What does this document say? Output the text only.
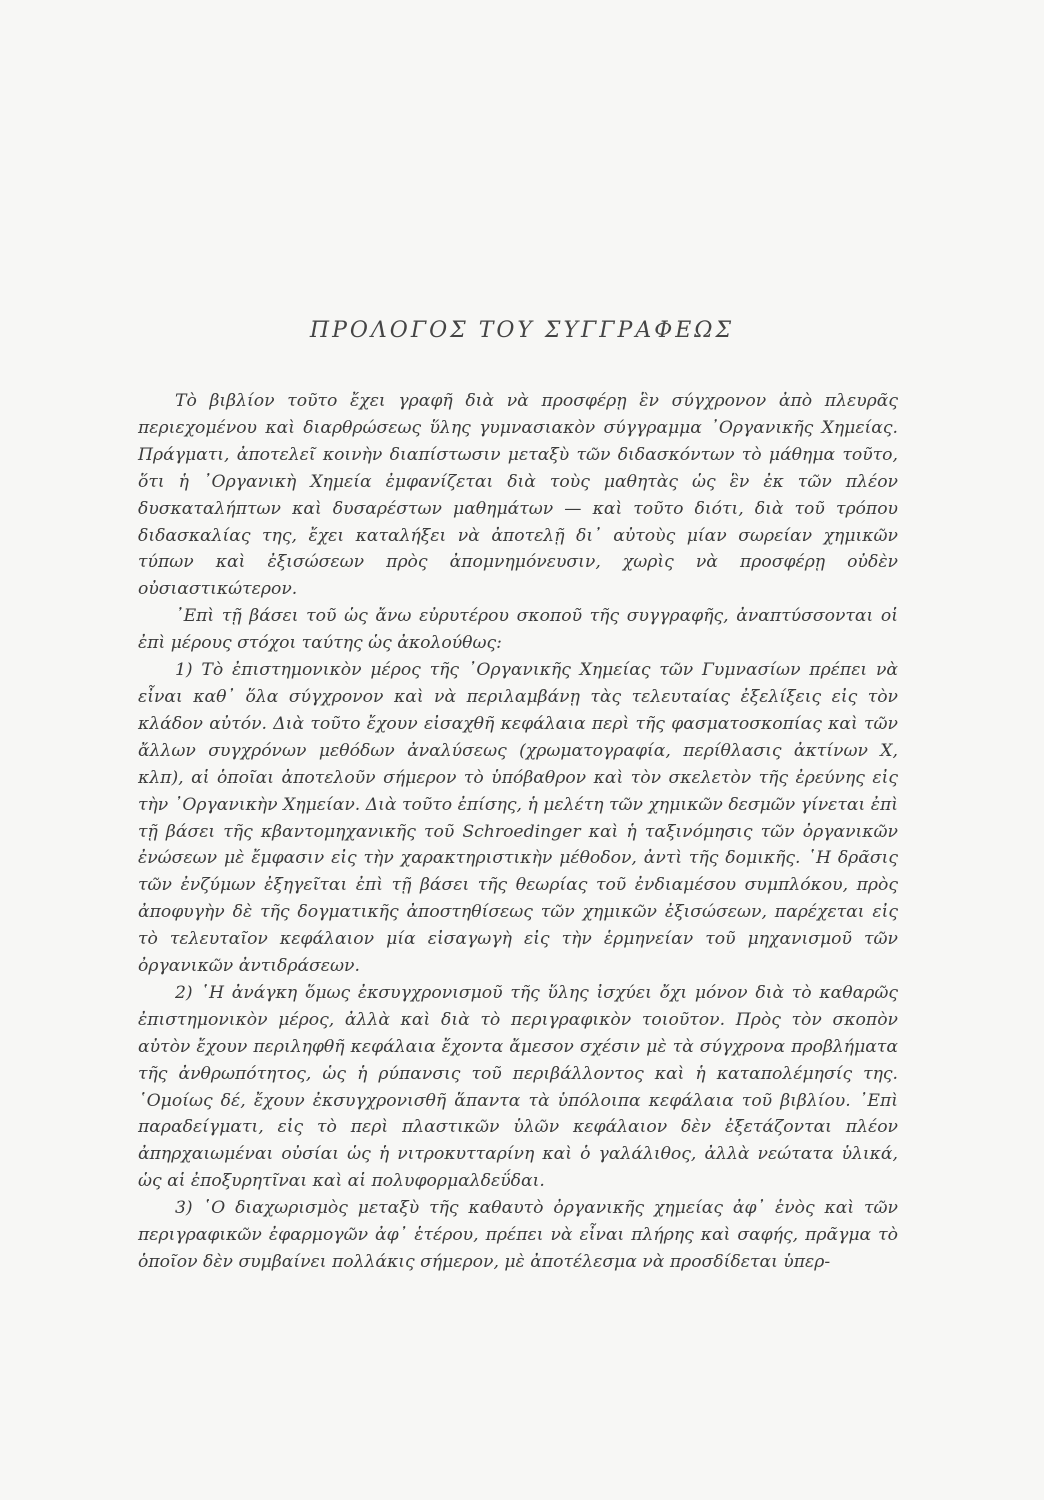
ΠΡΟΛΟΓΟΣ ΤΟΥ ΣΥΓΓΡΑΦΕΩΣ

Τὸ βιβλίον τοῦτο ἔχει γραφῆ διὰ νὰ προσφέρῃ ἓν σύγχρονον ἀπὸ πλευρᾶς περιεχομένου καὶ διαρθρώσεως ὕλης γυμνασιακὸν σύγγραμμα ᾿Οργανικῆς Χημείας. Πράγματι, ἀποτελεῖ κοινὴν διαπίστωσιν μεταξὺ τῶν διδασκόντων τὸ μάθημα τοῦτο, ὅτι ἡ ᾿Οργανικὴ Χημεία ἐμφανίζεται διὰ τοὺς μαθητὰς ὡς ἓν ἐκ τῶν πλέον δυσκαταλήπτων καὶ δυσαρέστων μαθημάτων — καὶ τοῦτο διότι, διὰ τοῦ τρόπου διδασκαλίας της, ἔχει καταλήξει νὰ ἀποτελῇ δι᾿ αὐτοὺς μίαν σωρείαν χημικῶν τύπων καὶ ἐξισώσεων πρὸς ἀπομνημόνευσιν, χωρὶς νὰ προσφέρῃ οὐδὲν οὐσιαστικώτερον.

᾿Επὶ τῇ βάσει τοῦ ὡς ἄνω εὐρυτέρου σκοποῦ τῆς συγγραφῆς, ἀναπτύσσονται οἱ ἐπὶ μέρους στόχοι ταύτης ὡς ἀκολούθως:

1) Τὸ ἐπιστημονικὸν μέρος τῆς ᾿Οργανικῆς Χημείας τῶν Γυμνασίων πρέπει νὰ εἶναι καθ᾿ ὅλα σύγχρονον καὶ νὰ περιλαμβάνῃ τὰς τελευταίας ἐξελίξεις εἰς τὸν κλάδον αὐτόν. Διὰ τοῦτο ἔχουν εἰσαχθῆ κεφάλαια περὶ τῆς φασματοσκοπίας καὶ τῶν ἄλλων συγχρόνων μεθόδων ἀναλύσεως (χρωματογραφία, περίθλασις ἀκτίνων Χ, κλπ), αἱ ὁποῖαι ἀποτελοῦν σήμερον τὸ ὑπόβαθρον καὶ τὸν σκελετὸν τῆς ἐρεύνης εἰς τὴν ᾿Οργανικὴν Χημείαν. Διὰ τοῦτο ἐπίσης, ἡ μελέτη τῶν χημικῶν δεσμῶν γίνεται ἐπὶ τῇ βάσει τῆς κβαντομηχανικῆς τοῦ Schroedinger καὶ ἡ ταξινόμησις τῶν ὀργανικῶν ἐνώσεων μὲ ἔμφασιν εἰς τὴν χαρακτηριστικὴν μέθοδον, ἀντὶ τῆς δομικῆς. ῾Η δρᾶσις τῶν ἐνζύμων ἐξηγεῖται ἐπὶ τῇ βάσει τῆς θεωρίας τοῦ ἐνδιαμέσου συμπλόκου, πρὸς ἀποφυγὴν δὲ τῆς δογματικῆς ἀποστηθίσεως τῶν χημικῶν ἐξισώσεων, παρέχεται εἰς τὸ τελευταῖον κεφάλαιον μία εἰσαγωγὴ εἰς τὴν ἑρμηνείαν τοῦ μηχανισμοῦ τῶν ὀργανικῶν ἀντιδράσεων.

2) ῾Η ἀνάγκη ὅμως ἐκσυγχρονισμοῦ τῆς ὕλης ἰσχύει ὄχι μόνον διὰ τὸ καθαρῶς ἐπιστημονικὸν μέρος, ἀλλὰ καὶ διὰ τὸ περιγραφικὸν τοιοῦτον. Πρὸς τὸν σκοπὸν αὐτὸν ἔχουν περιληφθῆ κεφάλαια ἔχοντα ἄμεσον σχέσιν μὲ τὰ σύγχρονα προβλήματα τῆς ἀνθρωπότητος, ὡς ἡ ρύπανσις τοῦ περιβάλλοντος καὶ ἡ καταπολέμησίς της. ῾Ομοίως δέ, ἔχουν ἐκσυγχρονισθῆ ἅπαντα τὰ ὑπόλοιπα κεφάλαια τοῦ βιβλίου. ᾿Επὶ παραδείγματι, εἰς τὸ περὶ πλαστικῶν ὑλῶν κεφάλαιον δὲν ἐξετάζονται πλέον ἀπηρχαιωμέναι οὐσίαι ὡς ἡ νιτροκυτταρίνη καὶ ὁ γαλάλιθος, ἀλλὰ νεώτατα ὑλικά, ὡς αἱ ἐποξυρητῖναι καὶ αἱ πολυφορμαλδεΰδαι.

3) ῾Ο διαχωρισμὸς μεταξὺ τῆς καθαυτὸ ὀργανικῆς χημείας ἀφ᾿ ἑνὸς καὶ τῶν περιγραφικῶν ἐφαρμογῶν ἀφ᾿ ἑτέρου, πρέπει νὰ εἶναι πλήρης καὶ σαφής, πρᾶγμα τὸ ὁποῖον δὲν συμβαίνει πολλάκις σήμερον, μὲ ἀποτέλεσμα νὰ προσδίδεται ὑπερ-
